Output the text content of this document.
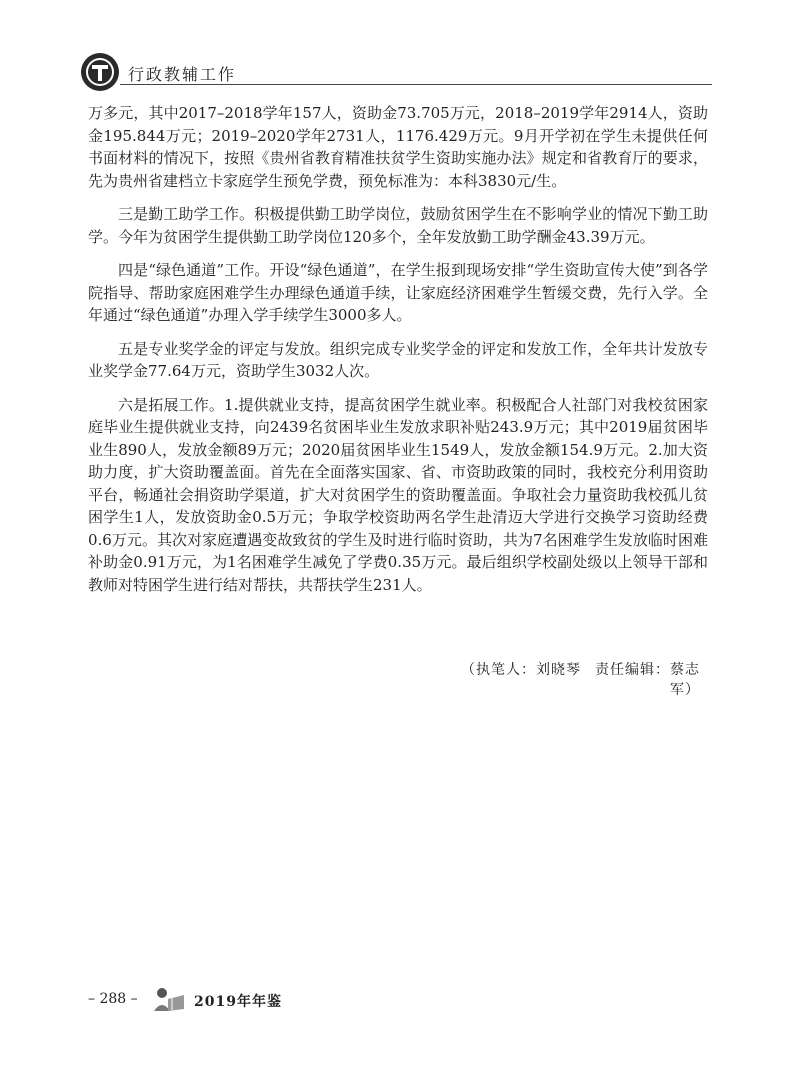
行政教辅工作

万多元，其中2017–2018学年157人，资助金73.705万元，2018–2019学年2914人，资助金195.844万元；2019–2020学年2731人，1176.429万元。9月开学初在学生未提供任何书面材料的情况下，按照《贵州省教育精准扶贫学生资助实施办法》规定和省教育厅的要求，先为贵州省建档立卡家庭学生预免学费，预免标准为：本科3830元/生。

三是勤工助学工作。积极提供勤工助学岗位，鼓励贫困学生在不影响学业的情况下勤工助学。今年为贫困学生提供勤工助学岗位120多个，全年发放勤工助学酬金43.39万元。

四是“绿色通道”工作。开设“绿色通道”，在学生报到现场安排“学生资助宣传大使”到各学院指导、帮助家庭困难学生办理绿色通道手续，让家庭经济困难学生暂缓交费，先行入学。全年通过“绿色通道”办理入学手续学生3000多人。

五是专业奖学金的评定与发放。组织完成专业奖学金的评定和发放工作，全年共计发放专业奖学金77.64万元，资助学生3032人次。

六是拓展工作。1.提供就业支持，提高贫困学生就业率。积极配合人社部门对我校贫困家庭毕业生提供就业支持，向2439名贫困毕业生发放求职补贴243.9万元；其中2019届贫困毕业生890人，发放金额89万元；2020届贫困毕业生1549人，发放金额154.9万元。2.加大资助力度，扩大资助覆盖面。首先在全面落实国家、省、市资助政策的同时，我校充分利用资助平台，畅通社会捐资助学渠道，扩大对贫困学生的资助覆盖面。争取社会力量资助我校孤儿贫困学生1人，发放资助金0.5万元；争取学校资助两名学生赴清迈大学进行交换学习资助经费0.6万元。其次对家庭遭遇变故致贫的学生及时进行临时资助，共为7名困难学生发放临时困难补助金0.91万元，为1名困难学生减免了学费0.35万元。最后组织学校副处级以上领导干部和教师对特困学生进行结对帮扶，共帮扶学生231人。

（执笔人：刘晓琴 责任编辑：蔡志军）
– 288 –	2019年年鉴
